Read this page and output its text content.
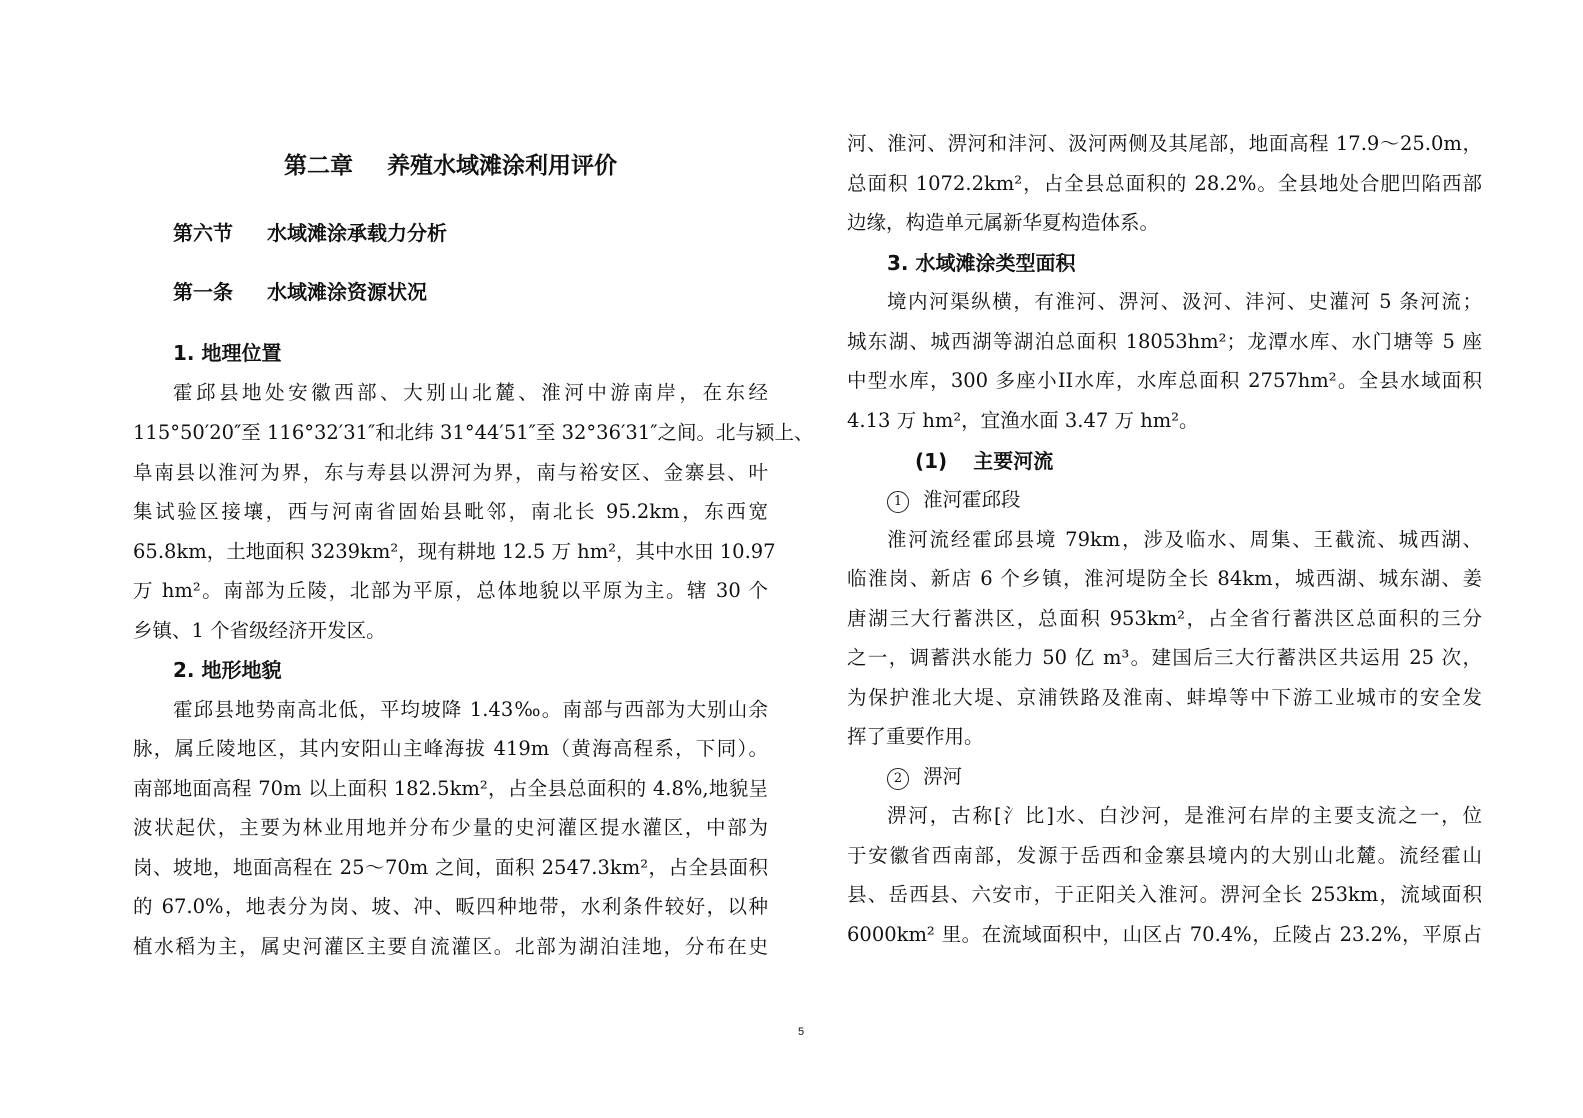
第二章 养殖水域滩涂利用评价
第六节 水域滩涂承载力分析
第一条 水域滩涂资源状况
1. 地理位置
霍邱县地处安徽西部、大别山北麓、淮河中游南岸，在东经
115°50′20″至 116°32′31″和北纬 31°44′51″至 32°36′31″之间。北与颍上、
阜南县以淮河为界，东与寿县以淠河为界，南与裕安区、金寨县、叶
集试验区接壤，西与河南省固始县毗邻，南北长 95.2km，东西宽
65.8km，土地面积 3239km²，现有耕地 12.5 万 hm²，其中水田 10.97
万 hm²。南部为丘陵，北部为平原，总体地貌以平原为主。辖 30 个
乡镇、1 个省级经济开发区。
2. 地形地貌
霍邱县地势南高北低，平均坡降 1.43‰。南部与西部为大别山余
脉，属丘陵地区，其内安阳山主峰海拔 419m（黄海高程系，下同）。
南部地面高程 70m 以上面积 182.5km²，占全县总面积的 4.8%,地貌呈
波状起伏，主要为林业用地并分布少量的史河灌区提水灌区，中部为
岗、坡地，地面高程在 25～70m 之间，面积 2547.3km²，占全县面积
的 67.0%，地表分为岗、坡、冲、畈四种地带，水利条件较好，以种
植水稻为主，属史河灌区主要自流灌区。北部为湖泊洼地，分布在史
河、淮河、淠河和沣河、汲河两侧及其尾部，地面高程 17.9～25.0m，
总面积 1072.2km²，占全县总面积的 28.2%。全县地处合肥凹陷西部
边缘，构造单元属新华夏构造体系。
3. 水域滩涂类型面积
境内河渠纵横，有淮河、淠河、汲河、沣河、史灌河 5 条河流；
城东湖、城西湖等湖泊总面积 18053hm²；龙潭水库、水门塘等 5 座
中型水库，300 多座小II水库，水库总面积 2757hm²。全县水域面积
4.13 万 hm²，宜渔水面 3.47 万 hm²。
(1) 主要河流
1 淮河霍邱段
淮河流经霍邱县境 79km，涉及临水、周集、王截流、城西湖、
临淮岗、新店 6 个乡镇，淮河堤防全长 84km，城西湖、城东湖、姜
唐湖三大行蓄洪区，总面积 953km²，占全省行蓄洪区总面积的三分
之一，调蓄洪水能力 50 亿 m³。建国后三大行蓄洪区共运用 25 次，
为保护淮北大堤、京浦铁路及淮南、蚌埠等中下游工业城市的安全发
挥了重要作用。
2 淠河
淠河，古称[氵比]水、白沙河，是淮河右岸的主要支流之一，位
于安徽省西南部，发源于岳西和金寨县境内的大别山北麓。流经霍山
县、岳西县、六安市，于正阳关入淮河。淠河全长 253km，流域面积
6000km² 里。在流域面积中，山区占 70.4%，丘陵占 23.2%，平原占
5
